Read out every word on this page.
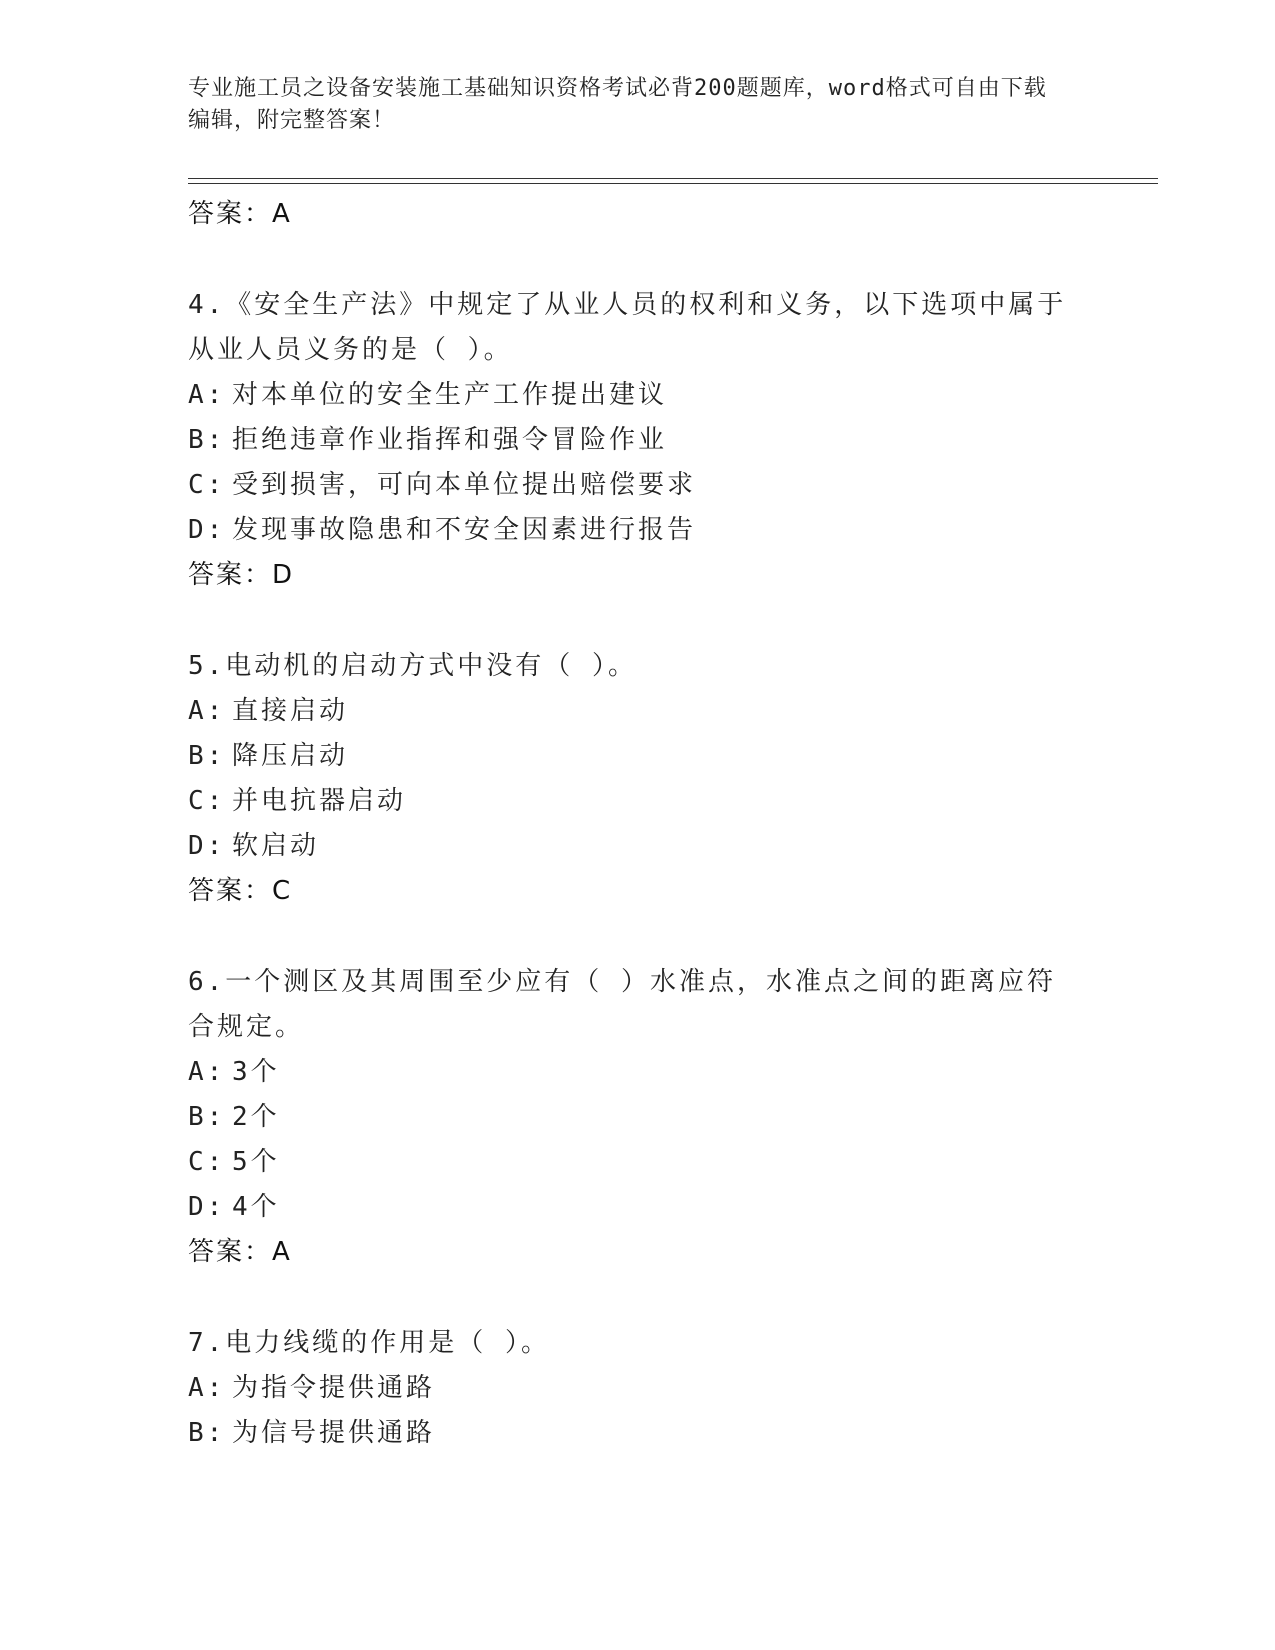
专业施工员之设备安装施工基础知识资格考试必背200题题库，word格式可自由下载编辑，附完整答案！
答案：A
4.《安全生产法》中规定了从业人员的权利和义务，以下选项中属于从业人员义务的是（ ）。
A: 对本单位的安全生产工作提出建议
B: 拒绝违章作业指挥和强令冒险作业
C: 受到损害，可向本单位提出赔偿要求
D: 发现事故隐患和不安全因素进行报告
答案：D
5.电动机的启动方式中没有（ ）。
A: 直接启动
B: 降压启动
C: 并电抗器启动
D: 软启动
答案：C
6.一个测区及其周围至少应有（ ）水准点，水准点之间的距离应符合规定。
A: 3个
B: 2个
C: 5个
D: 4个
答案：A
7.电力线缆的作用是（ ）。
A: 为指令提供通路
B: 为信号提供通路
